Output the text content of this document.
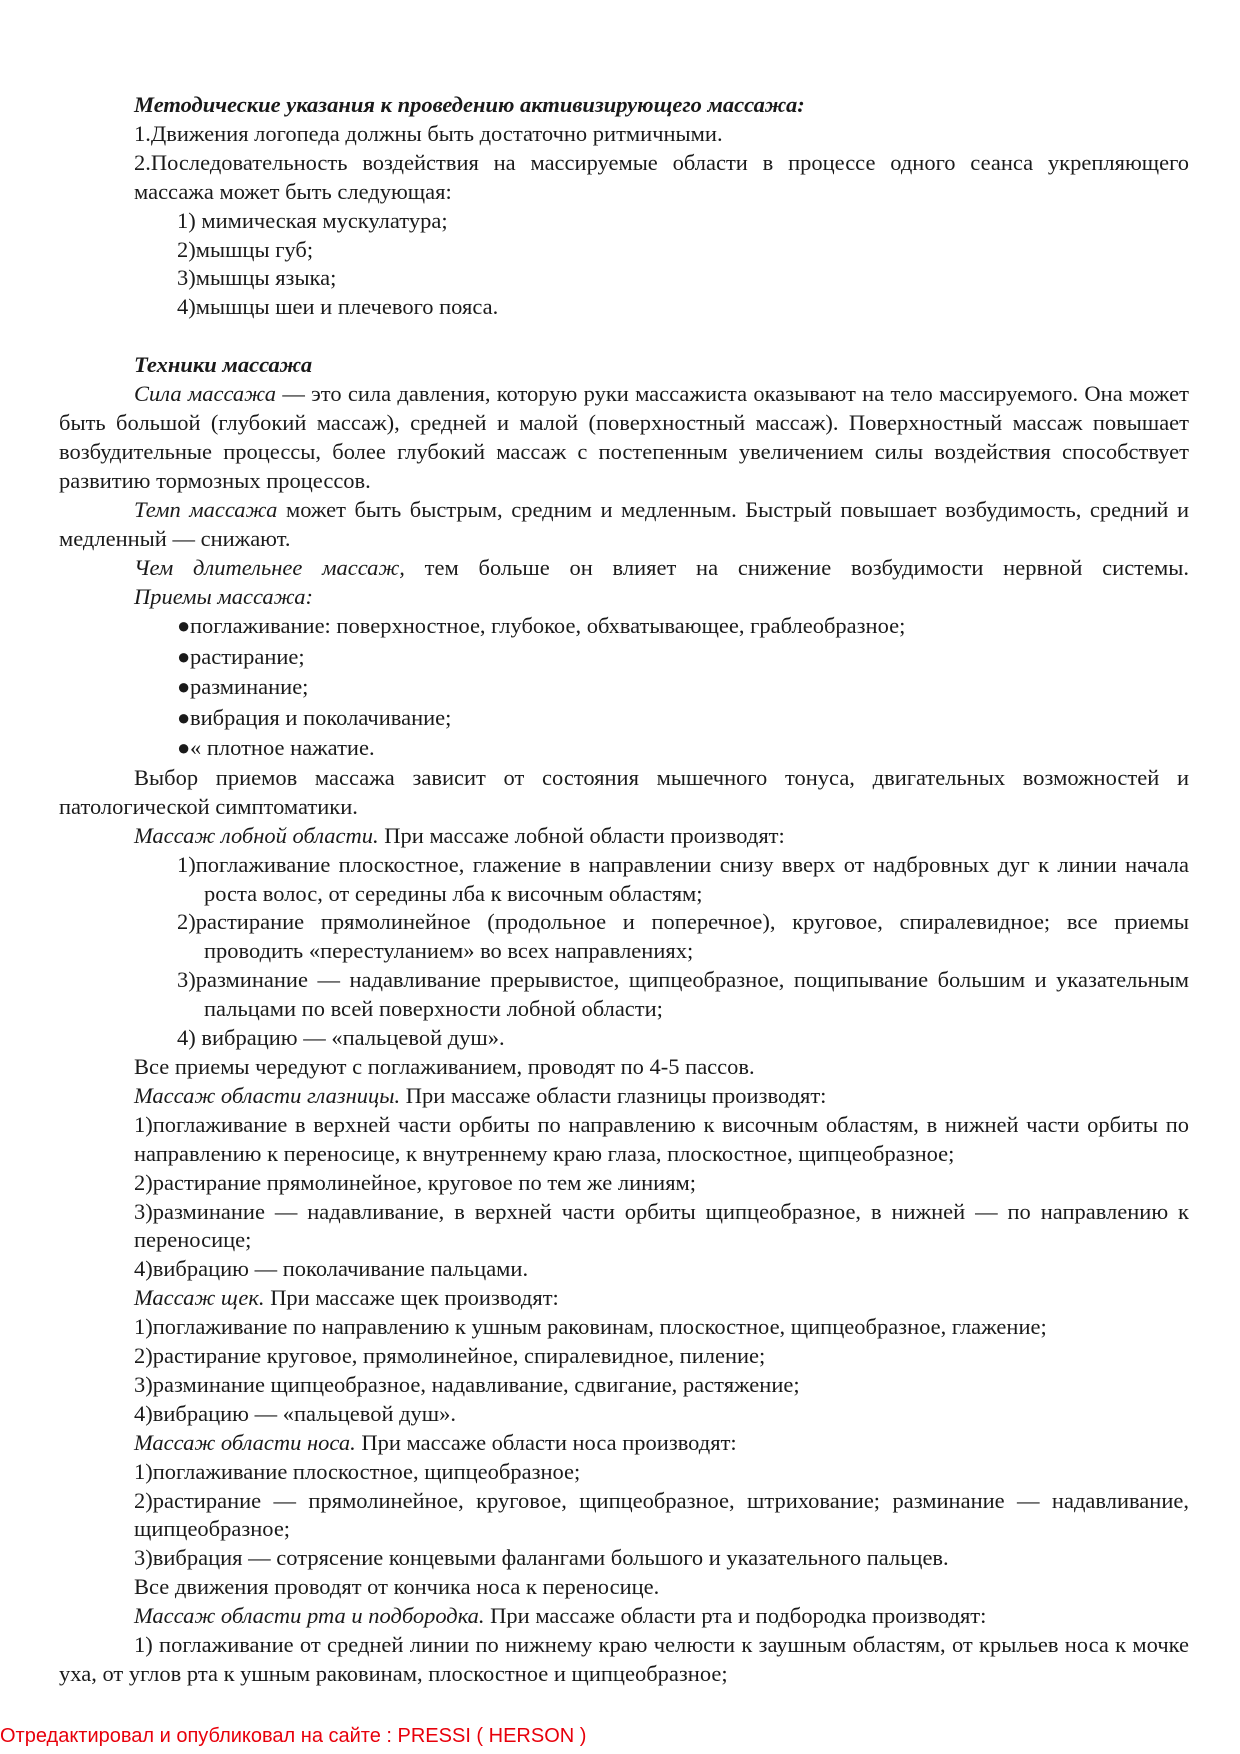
Методические указания к проведению активизирующего массажа:

1.Движения логопеда должны быть достаточно ритмичными.

2.Последовательность воздействия на массируемые области в процессе одного сеанса укрепляющего массажа может быть следующая:

1) мимическая мускулатура;

2)мышцы губ;

3)мышцы языка;

4)мышцы шеи и плечевого пояса.

Техники массажа

Сила массажа — это сила давления, которую руки массажиста оказывают на тело массируемого. Она может быть большой (глубокий массаж), средней и малой (поверхностный массаж). Поверхностный массаж повышает возбудительные процессы, более глубокий массаж с постепенным увеличением силы воздействия способствует развитию тормозных процессов.

Темп массажа может быть быстрым, средним и медленным. Быстрый повышает возбудимость, средний и медленный — снижают.

Чем длительнее массаж, тем больше он влияет на снижение возбудимости нервной системы.

Приемы массажа:

●поглаживание: поверхностное, глубокое, обхватывающее, граблеобразное;

●растирание;

●разминание;

●вибрация и поколачивание;

●« плотное нажатие.

Выбор приемов массажа зависит от состояния мышечного тонуса, двигательных возможностей и патологической симптоматики.

Массаж лобной области. При массаже лобной области производят:

1)поглаживание плоскостное, глажение в направлении снизу вверх от надбровных дуг к линии начала роста волос, от середины лба к височным областям;

2)растирание прямолинейное (продольное и поперечное), круговое, спиралевидное; все приемы проводить «перестуланием» во всех направлениях;

3)разминание — надавливание прерывистое, щипцеобразное, пощипывание большим и указательным пальцами по всей поверхности лобной области;

4) вибрацию — «пальцевой душ».

Все приемы чередуют с поглаживанием, проводят по 4-5 пассов.

Массаж области глазницы. При массаже области глазницы производят:

1)поглаживание в верхней части орбиты по направлению к височным областям, в нижней части орбиты по направлению к переносице, к внутреннему краю глаза, плоскостное, щипцеобразное;

2)растирание прямолинейное, круговое по тем же линиям;

3)разминание — надавливание, в верхней части орбиты щипцеобразное, в нижней — по направлению к переносице;

4)вибрацию — поколачивание пальцами.

Массаж щек. При массаже щек производят:

1)поглаживание по направлению к ушным раковинам, плоскостное, щипцеобразное, глажение;

2)растирание круговое, прямолинейное, спиралевидное, пиление;

3)разминание щипцеобразное, надавливание, сдвигание, растяжение;

4)вибрацию — «пальцевой душ».

Массаж области носа. При массаже области носа производят:

1)поглаживание плоскостное, щипцеобразное;

2)растирание — прямолинейное, круговое, щипцеобразное, штрихование; разминание — надавливание, щипцеобразное;

3)вибрация — сотрясение концевыми фалангами большого и указательного пальцев.

Все движения проводят от кончика носа к переносице.

Массаж области рта и подбородка. При массаже области рта и подбородка производят:

1) поглаживание от средней линии по нижнему краю челюсти к заушным областям, от крыльев носа к мочке уха, от углов рта к ушным раковинам, плоскостное и щипцеобразное;

Отредактировал и опубликовал на сайте : PRESSI ( HERSON )
